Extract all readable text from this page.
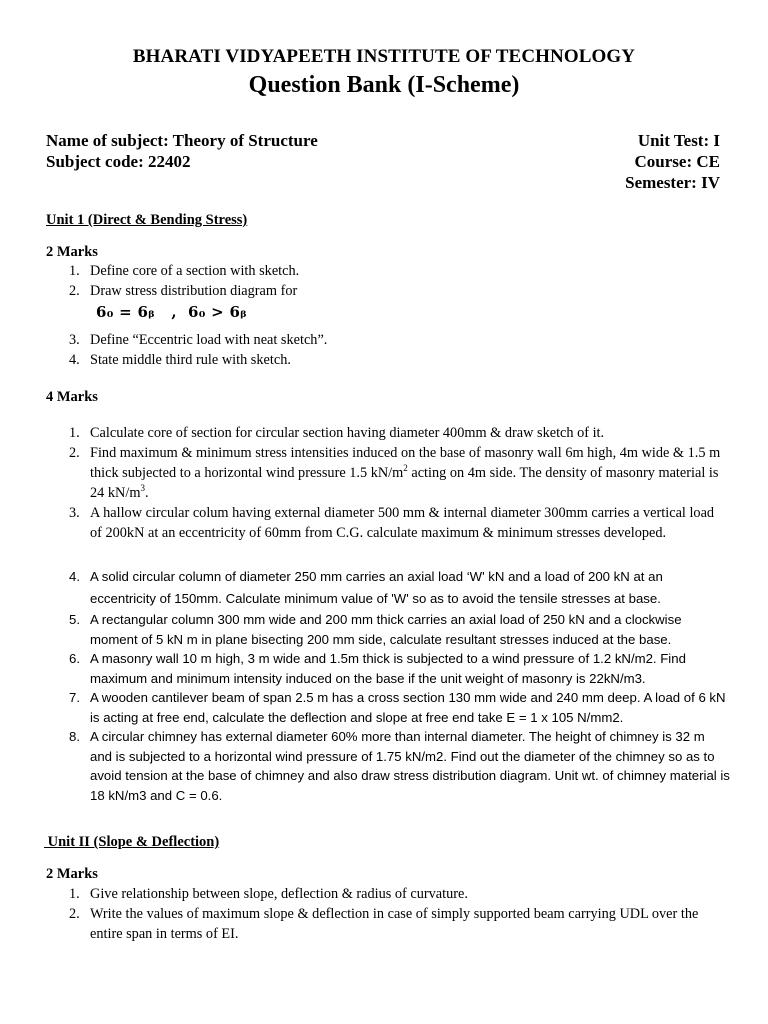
BHARATI VIDYAPEETH INSTITUTE OF TECHNOLOGY
Question Bank (I-Scheme)
Name of subject: Theory of Structure
Subject code: 22402
Unit Test: I
Course: CE
Semester: IV
Unit 1 (Direct & Bending Stress)
2 Marks
1. Define core of a section with sketch.
2. Draw stress distribution diagram for
6₀ = 6ᵦ   ,  6₀ > 6ᵦ
3. Define “Eccentric load with neat sketch”.
4. State middle third rule with sketch.
4 Marks
1. Calculate core of section for circular section having diameter 400mm & draw sketch of it.
2. Find maximum & minimum stress intensities induced on the base of masonry wall 6m high, 4m wide & 1.5 m thick subjected to a horizontal wind pressure 1.5 $kN/m^2$ acting on 4m side. The density of masonry material is 24 $kN/m^3$.
3. A hallow circular colum having external diameter 500 mm & internal diameter 300mm carries a vertical load of 200kN at an eccentricity of 60mm from C.G. calculate maximum & minimum stresses developed.
4. A solid circular column of diameter 250 mm carries an axial load ‘W' kN and a load of 200 kN at an eccentricity of 150mm. Calculate minimum value of 'W' so as to avoid the tensile stresses at base.
5. A rectangular column 300 mm wide and 200 mm thick carries an axial load of 250 kN and a clockwise moment of 5 kN m in plane bisecting 200 mm side, calculate resultant stresses induced at the base.
6. A masonry wall 10 m high, 3 m wide and 1.5m thick is subjected to a wind pressure of 1.2 kN/m2. Find maximum and minimum intensity induced on the base if the unit weight of masonry is 22kN/m3.
7. A wooden cantilever beam of span 2.5 m has a cross section 130 mm wide and 240 mm deep. A load of 6 kN is acting at free end, calculate the deflection and slope at free end take E = 1 x 105 N/mm2.
8. A circular chimney has external diameter 60% more than internal diameter. The height of chimney is 32 m and is subjected to a horizontal wind pressure of 1.75 kN/m2. Find out the diameter of the chimney so as to avoid tension at the base of chimney and also draw stress distribution diagram. Unit wt. of chimney material is 18 kN/m3 and C = 0.6.
Unit II (Slope & Deflection)
2 Marks
1. Give relationship between slope, deflection & radius of curvature.
2. Write the values of maximum slope & deflection in case of simply supported beam carrying UDL over the entire span in terms of EI.
